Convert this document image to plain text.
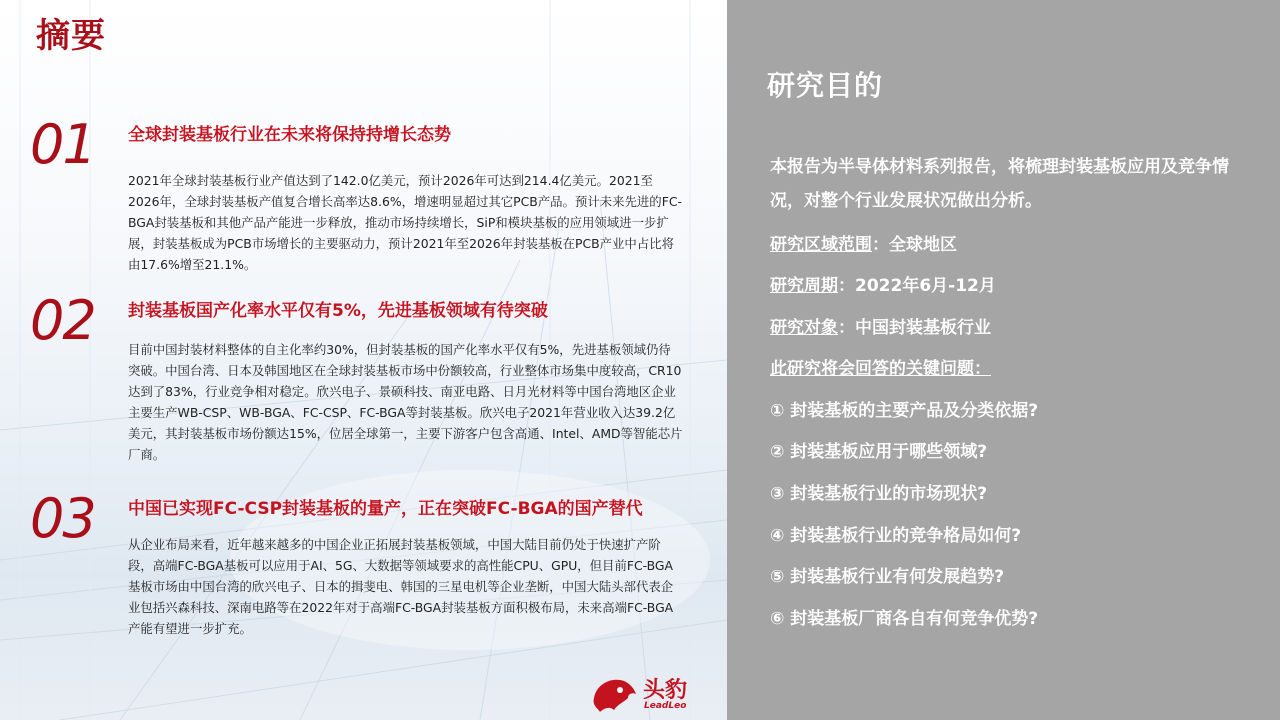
摘要
01 全球封装基板行业在未来将保持持增长态势

2021年全球封装基板行业产值达到了142.0亿美元，预计2026年可达到214.4亿美元。2021至2026年，全球封装基板产值复合增长高率达8.6%，增速明显超过其它PCB产品。预计未来先进的FC-BGA封装基板和其他产品产能进一步释放，推动市场持续增长，SiP和模块基板的应用领域进一步扩展，封装基板成为PCB市场增长的主要驱动力，预计2021年至2026年封装基板在PCB产业中占比将由17.6%增至21.1%。

02 封装基板国产化率水平仅有5%，先进基板领域有待突破

目前中国封装材料整体的自主化率约30%，但封装基板的国产化率水平仅有5%，先进基板领域仍待突破。中国台湾、日本及韩国地区在全球封装基板市场中份额较高，行业整体市场集中度较高，CR10达到了83%，行业竞争相对稳定。欣兴电子、景硕科技、南亚电路、日月光材料等中国台湾地区企业主要生产WB-CSP、WB-BGA、FC-CSP、FC-BGA等封装基板。欣兴电子2021年营业收入达39.2亿美元，其封装基板市场份额达15%，位居全球第一，主要下游客户包含高通、Intel、AMD等智能芯片厂商。

03 中国已实现FC-CSP封装基板的量产，正在突破FC-BGA的国产替代

从企业布局来看，近年越来越多的中国企业正拓展封装基板领域，中国大陆目前仍处于快速扩产阶段，高端FC-BGA基板可以应用于AI、5G、大数据等领域要求的高性能CPU、GPU，但目前FC-BGA基板市场由中国台湾的欣兴电子、日本的揖斐电、韩国的三星电机等企业垄断，中国大陆头部代表企业包括兴森科技、深南电路等在2022年对于高端FC-BGA封装基板方面积极布局，未来高端FC-BGA产能有望进一步扩充。

研究目的

本报告为半导体材料系列报告，将梳理封装基板应用及竞争情况，对整个行业发展状况做出分析。

研究区域范围：全球地区
研究周期：2022年6月-12月
研究对象：中国封装基板行业
此研究将会回答的关键问题：
① 封装基板的主要产品及分类依据?
② 封装基板应用于哪些领域?
③ 封装基板行业的市场现状?
④ 封装基板行业的竞争格局如何?
⑤ 封装基板行业有何发展趋势?
⑥ 封装基板厂商各自有何竞争优势?
头豹
LeadLeo
